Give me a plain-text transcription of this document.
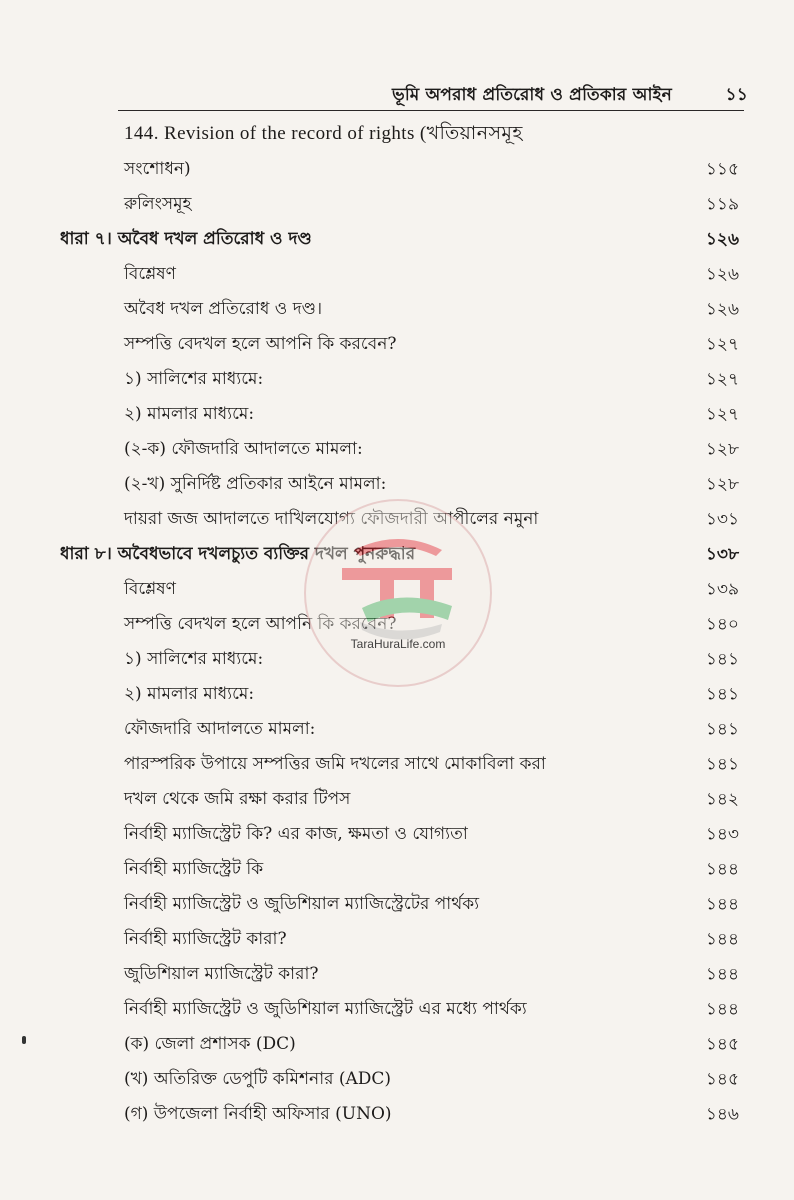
ভূমি অপরাধ প্রতিরোধ ও প্রতিকার আইন	১১
144. Revision of the record of rights (খতিয়ানসমূহ
সংশোধন)	১১৫
রুলিংসমূহ	১১৯
ধারা ৭। অবৈধ দখল প্রতিরোধ ও দণ্ড	১২৬
বিশ্লেষণ	১২৬
অবৈধ দখল প্রতিরোধ ও দণ্ড।	১২৬
সম্পত্তি বেদখল হলে আপনি কি করবেন?	১২৭
১) সালিশের মাধ্যমে:	১২৭
২) মামলার মাধ্যমে:	১২৭
(২-ক) ফৌজদারি আদালতে মামলা:	১২৮
(২-খ) সুনির্দিষ্ট প্রতিকার আইনে মামলা:	১২৮
দায়রা জজ আদালতে দাখিলযোগ্য ফৌজদারী আপীলের নমুনা	১৩১
ধারা ৮। অবৈধভাবে দখলচ্যুত ব্যক্তির দখল পুনরুদ্ধার	১৩৮
বিশ্লেষণ	১৩৯
সম্পত্তি বেদখল হলে আপনি কি করবেন?	১৪০
১) সালিশের মাধ্যমে:	১৪১
২) মামলার মাধ্যমে:	১৪১
ফৌজদারি আদালতে মামলা:	১৪১
পারস্পরিক উপায়ে সম্পত্তির জমি দখলের সাথে মোকাবিলা করা	১৪১
দখল থেকে জমি রক্ষা করার টিপস	১৪২
নির্বাহী ম্যাজিস্ট্রেট কি? এর কাজ, ক্ষমতা ও যোগ্যতা	১৪৩
নির্বাহী ম্যাজিস্ট্রেট কি	১৪৪
নির্বাহী ম্যাজিস্ট্রেট ও জুডিশিয়াল ম্যাজিস্ট্রেটের পার্থক্য	১৪৪
নির্বাহী ম্যাজিস্ট্রেট কারা?	১৪৪
জুডিশিয়াল ম্যাজিস্ট্রেট কারা?	১৪৪
নির্বাহী ম্যাজিস্ট্রেট ও জুডিশিয়াল ম্যাজিস্ট্রেট এর মধ্যে পার্থক্য	১৪৪
(ক) জেলা প্রশাসক (DC)	১৪৫
(খ) অতিরিক্ত ডেপুটি কমিশনার (ADC)	১৪৫
(গ) উপজেলা নির্বাহী অফিসার (UNO)	১৪৬
TaraHuraLife.com
